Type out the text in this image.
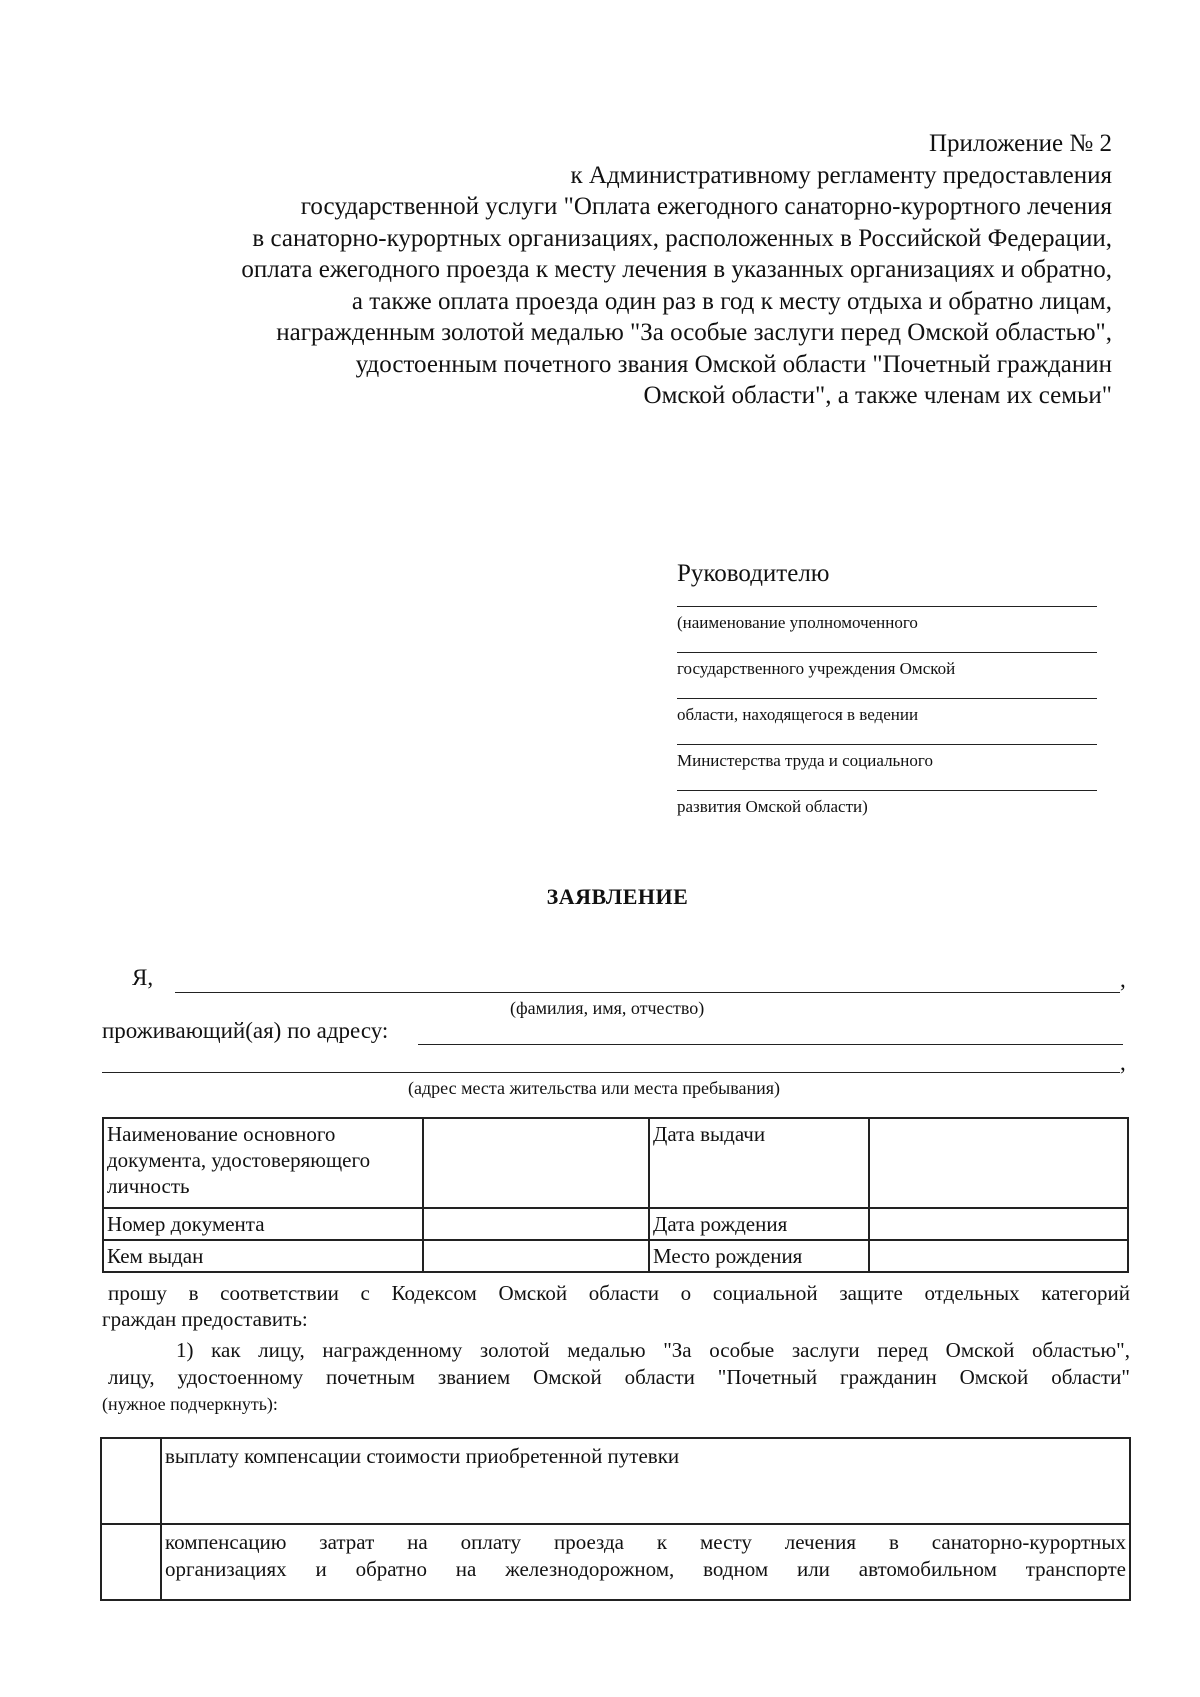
Приложение № 2
к Административному регламенту предоставления
государственной услуги "Оплата ежегодного санаторно-курортного лечения
в санаторно-курортных организациях, расположенных в Российской Федерации,
оплата ежегодного проезда к месту лечения в указанных организациях и обратно,
а также оплата проезда один раз в год к месту отдыха и обратно лицам,
награжденным золотой медалью "За особые заслуги перед Омской областью",
удостоенным почетного звания Омской области "Почетный гражданин
Омской области", а также членам их семьи"
Руководителю
(наименование уполномоченного
государственного учреждения Омской
области, находящегося в ведении
Министерства труда и социального
развития Омской области)
ЗАЯВЛЕНИЕ
Я,	,
(фамилия, имя, отчество)
проживающий(ая) по адресу:
,
(адрес места жительства или места пребывания)
Наименование основного документа, удостоверяющего личность		Дата выдачи	
Номер документа		Дата рождения	
Кем выдан		Место рождения	
прошу в соответствии с Кодексом Омской области о социальной защите отдельных категорий
граждан предоставить:
1) как лицу, награжденному золотой медалью "За особые заслуги перед Омской областью",
лицу, удостоенному почетным званием Омской области "Почетный гражданин Омской области"
(нужное подчеркнуть):

	выплату компенсации стоимости приобретенной путевки

	компенсацию затрат на оплату проезда к месту лечения в санаторно-курортных
организациях и обратно на железнодорожном, водном или автомобильном транспорте
